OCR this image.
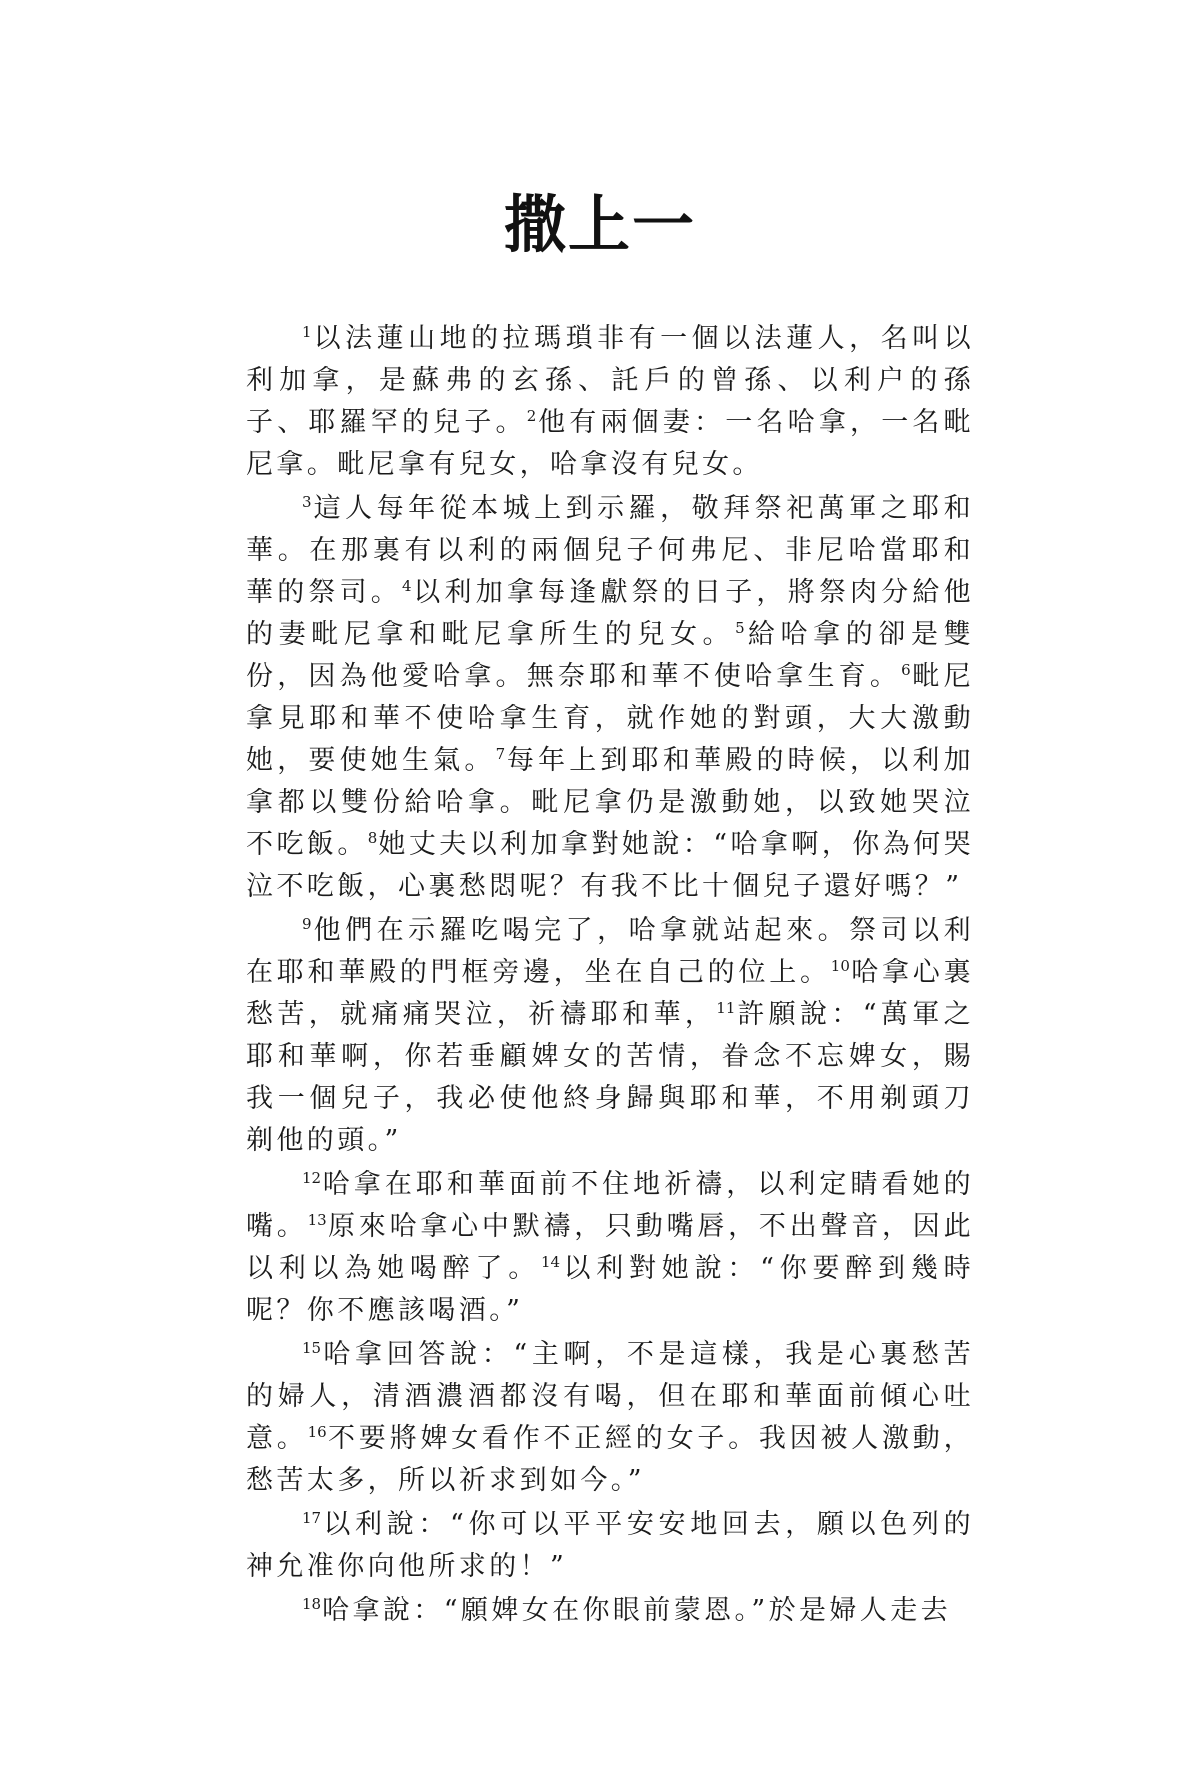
撒上一

$^1$以法蓮山地的拉瑪瑣非有一個以法蓮人，名叫以利加拿，是蘇弗的玄孫、託戶的曾孫、以利户的孫子、耶羅罕的兒子。$^2$他有兩個妻：一名哈拿，一名毗尼拿。毗尼拿有兒女，哈拿沒有兒女。

$^3$這人每年從本城上到示羅，敬拜祭祀萬軍之耶和華。在那裏有以利的兩個兒子何弗尼、非尼哈當耶和華的祭司。$^4$以利加拿每逢獻祭的日子，將祭肉分給他的妻毗尼拿和毗尼拿所生的兒女。$^5$給哈拿的卻是雙份，因為他愛哈拿。無奈耶和華不使哈拿生育。$^6$毗尼拿見耶和華不使哈拿生育，就作她的對頭，大大激動她，要使她生氣。$^7$每年上到耶和華殿的時候，以利加拿都以雙份給哈拿。毗尼拿仍是激動她，以致她哭泣不吃飯。$^8$她丈夫以利加拿對她說：“哈拿啊，你為何哭泣不吃飯，心裏愁悶呢？有我不比十個兒子還好嗎？”

$^9$他們在示羅吃喝完了，哈拿就站起來。祭司以利在耶和華殿的門框旁邊，坐在自己的位上。$^{10}$哈拿心裏愁苦，就痛痛哭泣，祈禱耶和華，$^{11}$許願說：“萬軍之耶和華啊，你若垂顧婢女的苦情，眷念不忘婢女，賜我一個兒子，我必使他終身歸與耶和華，不用剃頭刀剃他的頭。”

$^{12}$哈拿在耶和華面前不住地祈禱，以利定睛看她的嘴。$^{13}$原來哈拿心中默禱，只動嘴唇，不出聲音，因此以利以為她喝醉了。$^{14}$以利對她說：“你要醉到幾時呢？你不應該喝酒。”

$^{15}$哈拿回答說：“主啊，不是這樣，我是心裏愁苦的婦人，清酒濃酒都沒有喝，但在耶和華面前傾心吐意。$^{16}$不要將婢女看作不正經的女子。我因被人激動，愁苦太多，所以祈求到如今。”

$^{17}$以利說：“你可以平平安安地回去，願以色列的神允准你向他所求的！”

$^{18}$哈拿說：“願婢女在你眼前蒙恩。”於是婦人走去
